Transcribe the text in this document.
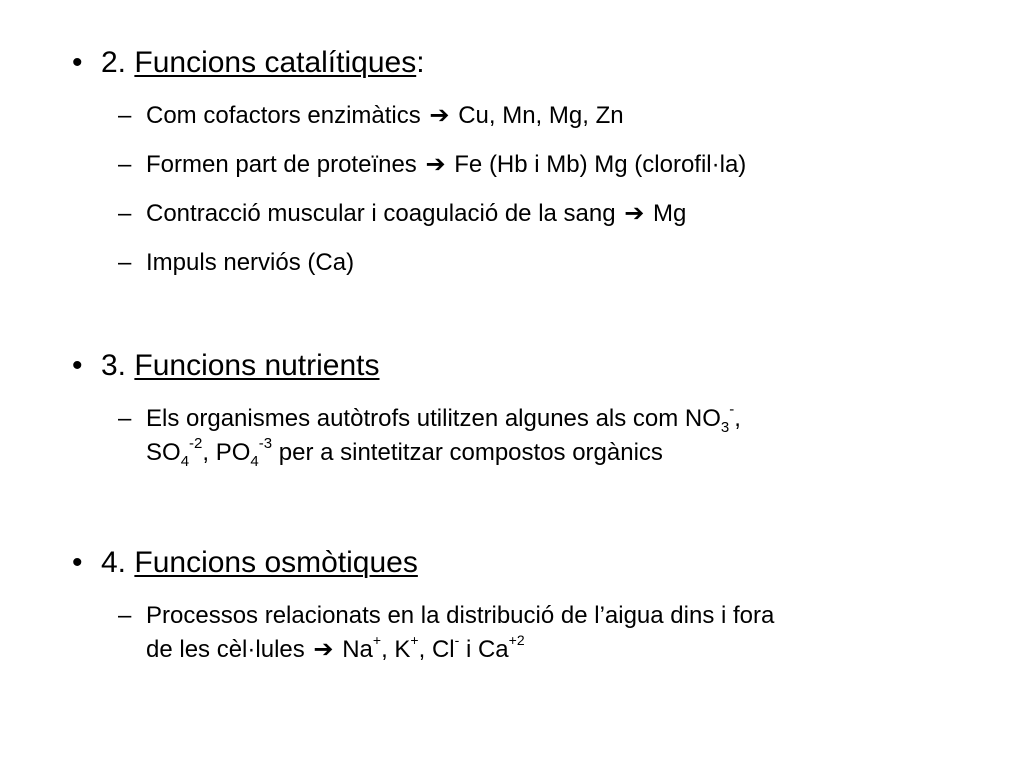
• 2. Funcions catalítiques:
– Com cofactors enzimàtics ➔ Cu, Mn, Mg, Zn
– Formen part de proteïnes ➔ Fe (Hb i Mb) Mg (clorofil·la)
– Contracció muscular i coagulació de la sang ➔ Mg
– Impuls nerviós (Ca)
• 3. Funcions nutrients
– Els organismes autòtrofs utilitzen algunes als com $NO_3^-$,
$SO_4^{-2}$, $PO_4^{-3}$ per a sintetitzar compostos orgànics
• 4. Funcions osmòtiques
– Processos relacionats en la distribució de l’aigua dins i fora
de les cèl·lules ➔ Na+, K+, Cl- i $Ca^{+2}$
